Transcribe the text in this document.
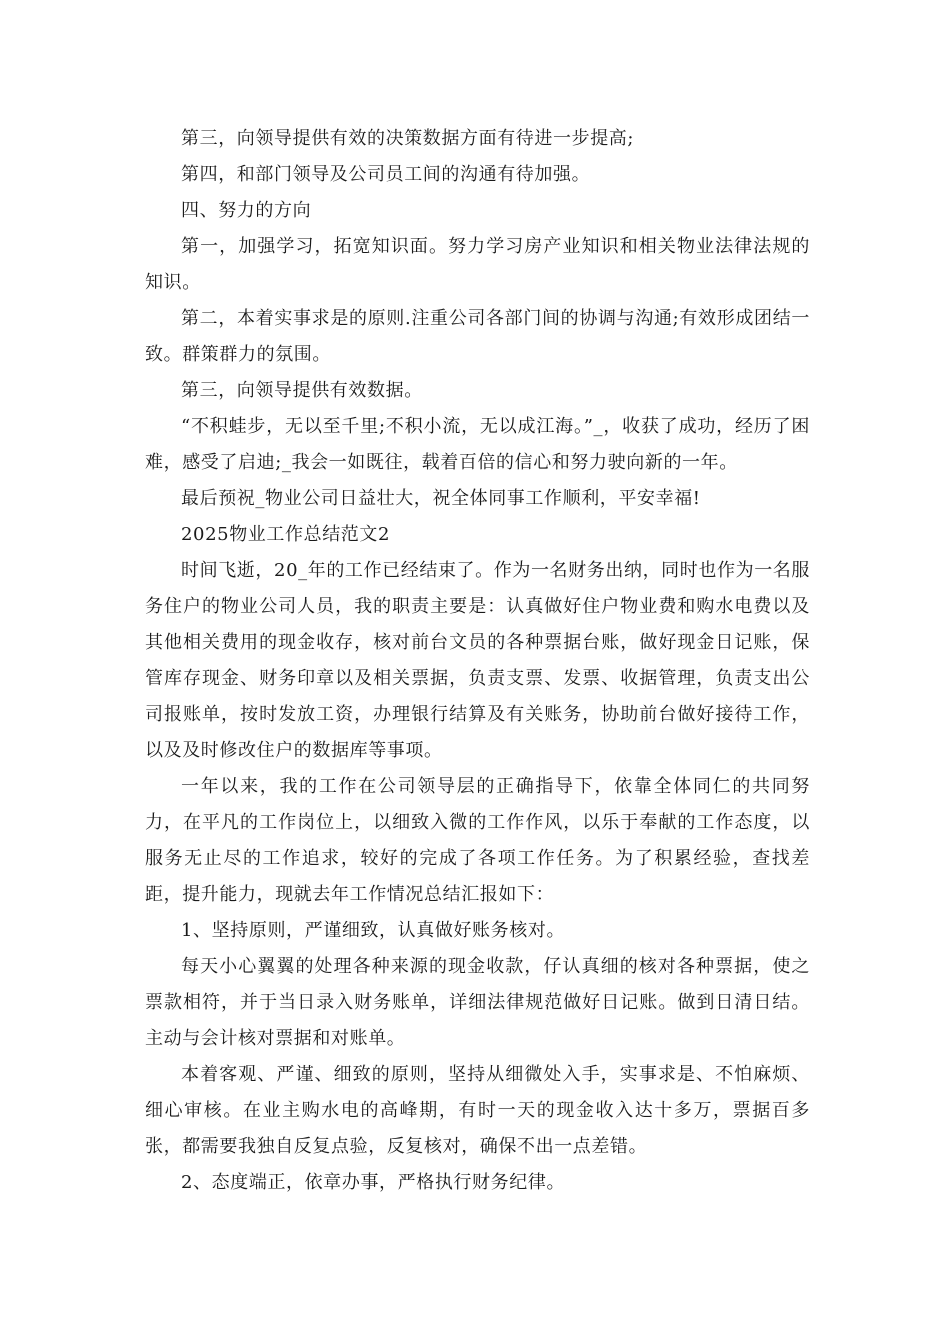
第三，向领导提供有效的决策数据方面有待进一步提高;

第四，和部门领导及公司员工间的沟通有待加强。

四、努力的方向

第一，加强学习，拓宽知识面。努力学习房产业知识和相关物业法律法规的知识。

第二，本着实事求是的原则.注重公司各部门间的协调与沟通;有效形成团结一致。群策群力的氛围。

第三，向领导提供有效数据。

“不积蛙步，无以至千里;不积小流，无以成江海。”_，收获了成功，经历了困难，感受了启迪;_我会一如既往，载着百倍的信心和努力驶向新的一年。

最后预祝_物业公司日益壮大，祝全体同事工作顺利，平安幸福!

2025物业工作总结范文2

时间飞逝，20_年的工作已经结束了。作为一名财务出纳，同时也作为一名服务住户的物业公司人员，我的职责主要是：认真做好住户物业费和购水电费以及其他相关费用的现金收存，核对前台文员的各种票据台账，做好现金日记账，保管库存现金、财务印章以及相关票据，负责支票、发票、收据管理，负责支出公司报账单，按时发放工资，办理银行结算及有关账务，协助前台做好接待工作，以及及时修改住户的数据库等事项。

一年以来，我的工作在公司领导层的正确指导下，依靠全体同仁的共同努力，在平凡的工作岗位上，以细致入微的工作作风，以乐于奉献的工作态度，以服务无止尽的工作追求，较好的完成了各项工作任务。为了积累经验，查找差距，提升能力，现就去年工作情况总结汇报如下：

1、坚持原则，严谨细致，认真做好账务核对。

每天小心翼翼的处理各种来源的现金收款，仔认真细的核对各种票据，使之票款相符，并于当日录入财务账单，详细法律规范做好日记账。做到日清日结。主动与会计核对票据和对账单。

本着客观、严谨、细致的原则，坚持从细微处入手，实事求是、不怕麻烦、细心审核。在业主购水电的高峰期，有时一天的现金收入达十多万，票据百多张，都需要我独自反复点验，反复核对，确保不出一点差错。

2、态度端正，依章办事，严格执行财务纪律。
